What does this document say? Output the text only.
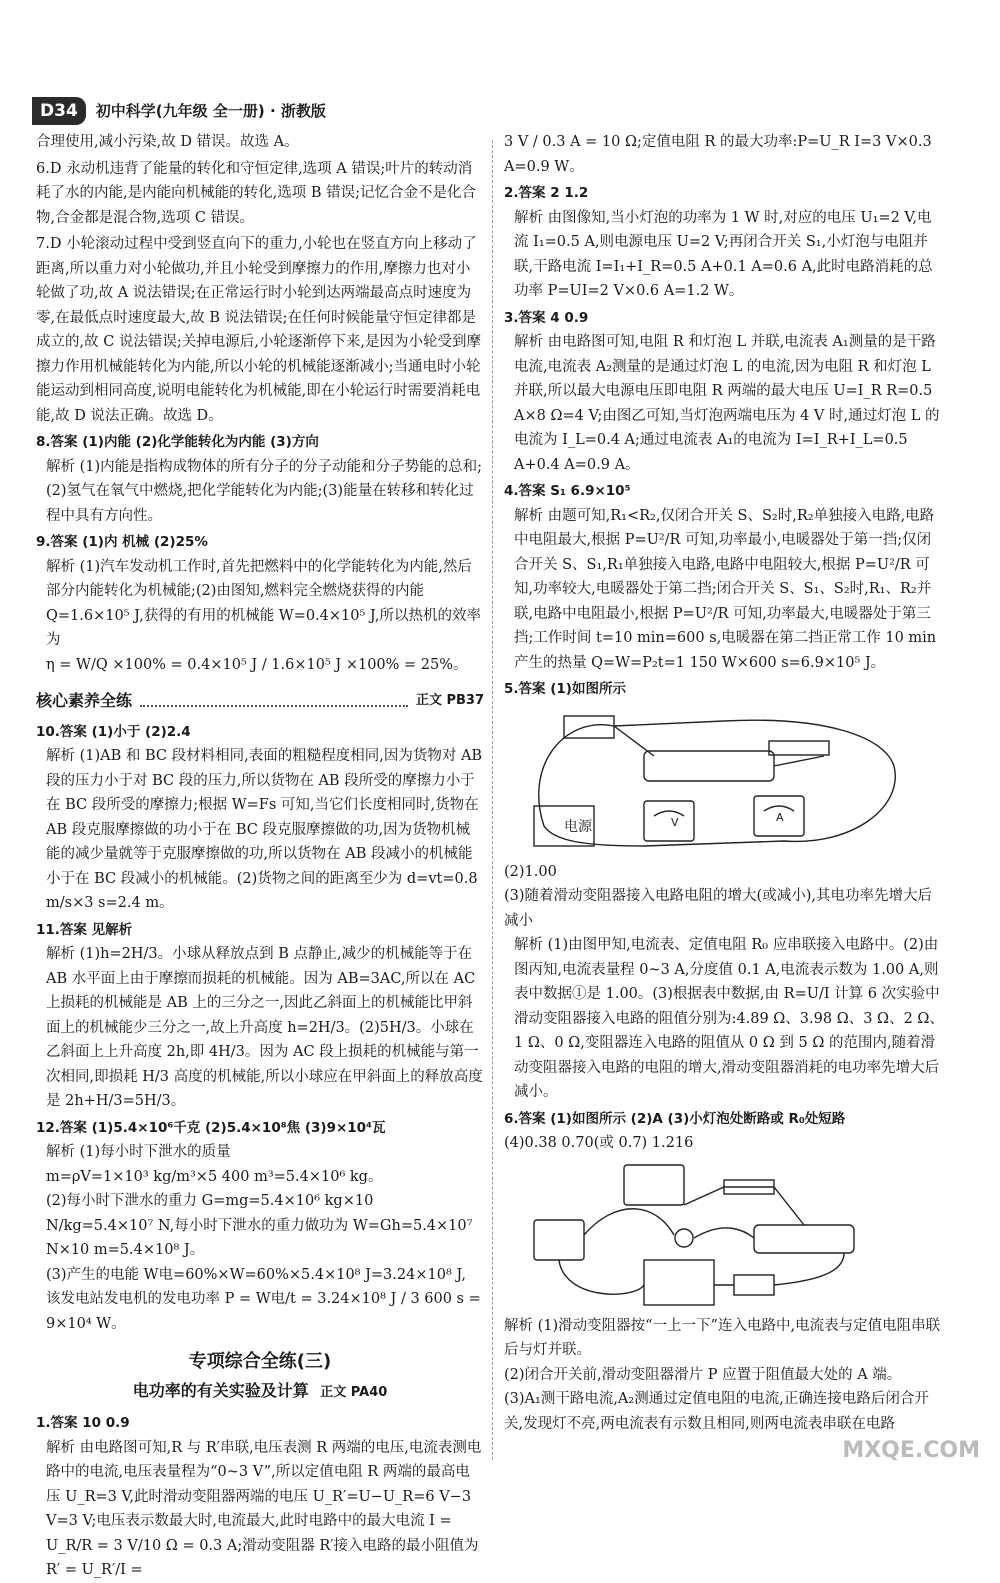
D34	初中科学(九年级 全一册) · 浙教版

合理使用,减小污染,故 D 错误。故选 A。

6.D 永动机违背了能量的转化和守恒定律,选项 A 错误;叶片的转动消耗了水的内能,是内能向机械能的转化,选项 B 错误;记忆合金不是化合物,合金都是混合物,选项 C 错误。

7.D 小轮滚动过程中受到竖直向下的重力,小轮也在竖直方向上移动了距离,所以重力对小轮做功,并且小轮受到摩擦力的作用,摩擦力也对小轮做了功,故 A 说法错误;在正常运行时小轮到达两端最高点时速度为零,在最低点时速度最大,故 B 说法错误;在任何时候能量守恒定律都是成立的,故 C 说法错误;关掉电源后,小轮逐渐停下来,是因为小轮受到摩擦力作用机械能转化为内能,所以小轮的机械能逐渐减小;当通电时小轮能运动到相同高度,说明电能转化为机械能,即在小轮运行时需要消耗电能,故 D 说法正确。故选 D。

8.答案 (1)内能 (2)化学能转化为内能 (3)方向

解析 (1)内能是指构成物体的所有分子的分子动能和分子势能的总和;(2)氢气在氧气中燃烧,把化学能转化为内能;(3)能量在转移和转化过程中具有方向性。

9.答案 (1)内 机械 (2)25%

解析 (1)汽车发动机工作时,首先把燃料中的化学能转化为内能,然后部分内能转化为机械能;(2)由图知,燃料完全燃烧获得的内能 Q=1.6×10⁵ J,获得的有用的机械能 W=0.4×10⁵ J,所以热机的效率为

η = W/Q ×100% = 0.4×10⁵ J / 1.6×10⁵ J ×100% = 25%。

核心素养全练	正文 PB37

10.答案 (1)小于 (2)2.4

解析 (1)AB 和 BC 段材料相同,表面的粗糙程度相同,因为货物对 AB 段的压力小于对 BC 段的压力,所以货物在 AB 段所受的摩擦力小于在 BC 段所受的摩擦力;根据 W=Fs 可知,当它们长度相同时,货物在 AB 段克服摩擦做的功小于在 BC 段克服摩擦做的功,因为货物机械能的减少量就等于克服摩擦做的功,所以货物在 AB 段减小的机械能小于在 BC 段减小的机械能。(2)货物之间的距离至少为 d=vt=0.8 m/s×3 s=2.4 m。

11.答案 见解析

解析 (1)h=2H/3。小球从释放点到 B 点静止,减少的机械能等于在 AB 水平面上由于摩擦而损耗的机械能。因为 AB=3AC,所以在 AC 上损耗的机械能是 AB 上的三分之一,因此乙斜面上的机械能比甲斜面上的机械能少三分之一,故上升高度 h=2H/3。(2)5H/3。小球在乙斜面上上升高度 2h,即 4H/3。因为 AC 段上损耗的机械能与第一次相同,即损耗 H/3 高度的机械能,所以小球应在甲斜面上的释放高度是 2h+H/3=5H/3。

12.答案 (1)5.4×10⁶千克 (2)5.4×10⁸焦 (3)9×10⁴瓦

解析 (1)每小时下泄水的质量

m=ρV=1×10³ kg/m³×5 400 m³=5.4×10⁶ kg。

(2)每小时下泄水的重力 G=mg=5.4×10⁶ kg×10 N/kg=5.4×10⁷ N,每小时下泄水的重力做功为 W=Gh=5.4×10⁷ N×10 m=5.4×10⁸ J。

(3)产生的电能 W电=60%×W=60%×5.4×10⁸ J=3.24×10⁸ J,

该发电站发电机的发电功率 P = W电/t = 3.24×10⁸ J / 3 600 s = 9×10⁴ W。

专项综合全练(三)

电功率的有关实验及计算 正文 PA40

1.答案 10 0.9

解析 由电路图可知,R 与 R′串联,电压表测 R 两端的电压,电流表测电路中的电流,电压表量程为“0~3 V”,所以定值电阻 R 两端的最高电压 U_R=3 V,此时滑动变阻器两端的电压 U_R′=U−U_R=6 V−3 V=3 V;电压表示数最大时,电流最大,此时电路中的最大电流 I = U_R/R = 3 V/10 Ω = 0.3 A;滑动变阻器 R′接入电路的最小阻值为 R′ = U_R′/I =

3 V / 0.3 A = 10 Ω;定值电阻 R 的最大功率:P=U_R I=3 V×0.3 A=0.9 W。

2.答案 2 1.2

解析 由图像知,当小灯泡的功率为 1 W 时,对应的电压 U₁=2 V,电流 I₁=0.5 A,则电源电压 U=2 V;再闭合开关 S₁,小灯泡与电阻并联,干路电流 I=I₁+I_R=0.5 A+0.1 A=0.6 A,此时电路消耗的总功率 P=UI=2 V×0.6 A=1.2 W。

3.答案 4 0.9

解析 由电路图可知,电阻 R 和灯泡 L 并联,电流表 A₁测量的是干路电流,电流表 A₂测量的是通过灯泡 L 的电流,因为电阻 R 和灯泡 L 并联,所以最大电源电压即电阻 R 两端的最大电压 U=I_R R=0.5 A×8 Ω=4 V;由图乙可知,当灯泡两端电压为 4 V 时,通过灯泡 L 的电流为 I_L=0.4 A;通过电流表 A₁的电流为 I=I_R+I_L=0.5 A+0.4 A=0.9 A。

4.答案 S₁ 6.9×10⁵

解析 由题可知,R₁<R₂,仅闭合开关 S、S₂时,R₂单独接入电路,电路中电阻最大,根据 P=U²/R 可知,功率最小,电暖器处于第一挡;仅闭合开关 S、S₁,R₁单独接入电路,电路中电阻较大,根据 P=U²/R 可知,功率较大,电暖器处于第二挡;闭合开关 S、S₁、S₂时,R₁、R₂并联,电路中电阻最小,根据 P=U²/R 可知,功率最大,电暖器处于第三挡;工作时间 t=10 min=600 s,电暖器在第二挡正常工作 10 min 产生的热量 Q=W=P₂t=1 150 W×600 s=6.9×10⁵ J。

5.答案 (1)如图所示

电源	V	A

(2)1.00

(3)随着滑动变阻器接入电路电阻的增大(或减小),其电功率先增大后减小

解析 (1)由图甲知,电流表、定值电阻 R₀ 应串联接入电路中。(2)由图丙知,电流表量程 0~3 A,分度值 0.1 A,电流表示数为 1.00 A,则表中数据①是 1.00。(3)根据表中数据,由 R=U/I 计算 6 次实验中滑动变阻器接入电路的阻值分别为:4.89 Ω、3.98 Ω、3 Ω、2 Ω、1 Ω、0 Ω,变阻器连入电路的阻值从 0 Ω 到 5 Ω 的范围内,随着滑动变阻器接入电路的电阻的增大,滑动变阻器消耗的电功率先增大后减小。

6.答案 (1)如图所示 (2)A (3)小灯泡处断路或 R₀处短路

(4)0.38 0.70(或 0.7) 1.216

解析 (1)滑动变阻器按“一上一下”连入电路中,电流表与定值电阻串联后与灯并联。

(2)闭合开关前,滑动变阻器滑片 P 应置于阻值最大处的 A 端。

(3)A₁测干路电流,A₂测通过定值电阻的电流,正确连接电路后闭合开关,发现灯不亮,两电流表有示数且相同,则两电流表串联在电路

MXQE.COM
